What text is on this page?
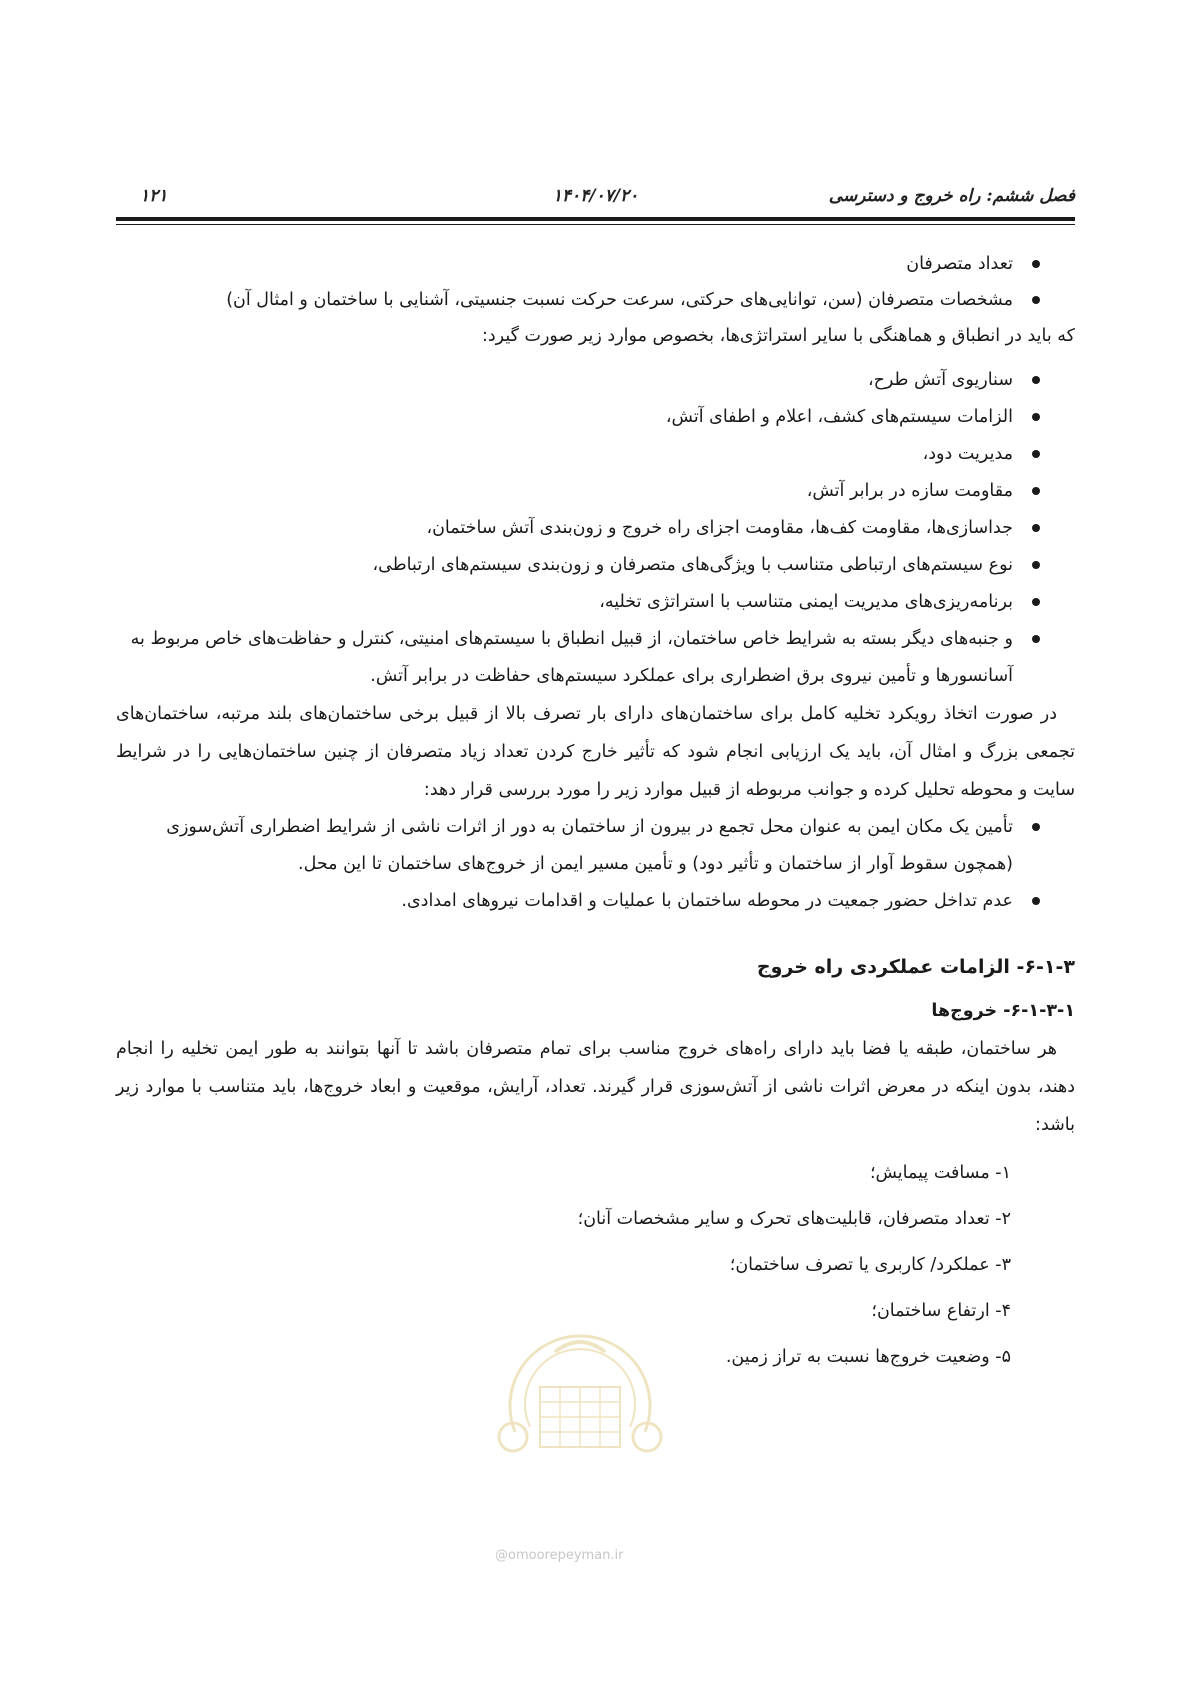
فصل ششم: راه خروج و دسترسی
۱۴۰۴/۰۷/۲۰
۱۲۱
تعداد متصرفان
مشخصات متصرفان (سن، توانایی‌های حرکتی، سرعت حرکت نسبت جنسیتی، آشنایی با ساختمان و امثال آن)

که باید در انطباق و هماهنگی با سایر استراتژی‌ها، بخصوص موارد زیر صورت گیرد:

سناریوی آتش طرح،
الزامات سیستم‌های کشف، اعلام و اطفای آتش،
مدیریت دود،
مقاومت سازه در برابر آتش،
جداسازی‌ها، مقاومت کف‌ها، مقاومت اجزای راه خروج و زون‌بندی آتش ساختمان،
نوع سیستم‌های ارتباطی متناسب با ویژگی‌های متصرفان و زون‌بندی سیستم‌های ارتباطی،
برنامه‌ریزی‌های مدیریت ایمنی متناسب با استراتژی تخلیه،
و جنبه‌های دیگر بسته به شرایط خاص ساختمان، از قبیل انطباق با سیستم‌های امنیتی، کنترل و حفاظت‌های خاص مربوط به آسانسورها و تأمین نیروی برق اضطراری برای عملکرد سیستم‌های حفاظت در برابر آتش.

در صورت اتخاذ رویکرد تخلیه کامل برای ساختمان‌های دارای بار تصرف بالا از قبیل برخی ساختمان‌های بلند مرتبه، ساختمان‌های تجمعی بزرگ و امثال آن، باید یک ارزیابی انجام شود که تأثیر خارج کردن تعداد زیاد متصرفان از چنین ساختمان‌هایی را در شرایط سایت و محوطه تحلیل کرده و جوانب مربوطه از قبیل موارد زیر را مورد بررسی قرار دهد:

تأمین یک مکان ایمن به عنوان محل تجمع در بیرون از ساختمان به دور از اثرات ناشی از شرایط اضطراری آتش‌سوزی (همچون سقوط آوار از ساختمان و تأثیر دود) و تأمین مسیر ایمن از خروج‌های ساختمان تا این محل.
عدم تداخل حضور جمعیت در محوطه ساختمان با عملیات و اقدامات نیروهای امدادی.
۶-۱-۳- الزامات عملکردی راه خروج
۶-۱-۳-۱- خروج‌ها

هر ساختمان، طبقه یا فضا باید دارای راه‌های خروج مناسب برای تمام متصرفان باشد تا آنها بتوانند به طور ایمن تخلیه را انجام دهند، بدون اینکه در معرض اثرات ناشی از آتش‌سوزی قرار گیرند. تعداد، آرایش، موقعیت و ابعاد خروج‌ها، باید متناسب با موارد زیر باشد:

۱- مسافت پیمایش؛
۲- تعداد متصرفان، قابلیت‌های تحرک و سایر مشخصات آنان؛
۳- عملکرد/ کاربری یا تصرف ساختمان؛
۴- ارتفاع ساختمان؛
۵- وضعیت خروج‌ها نسبت به تراز زمین.
@omoorepeyman.ir
